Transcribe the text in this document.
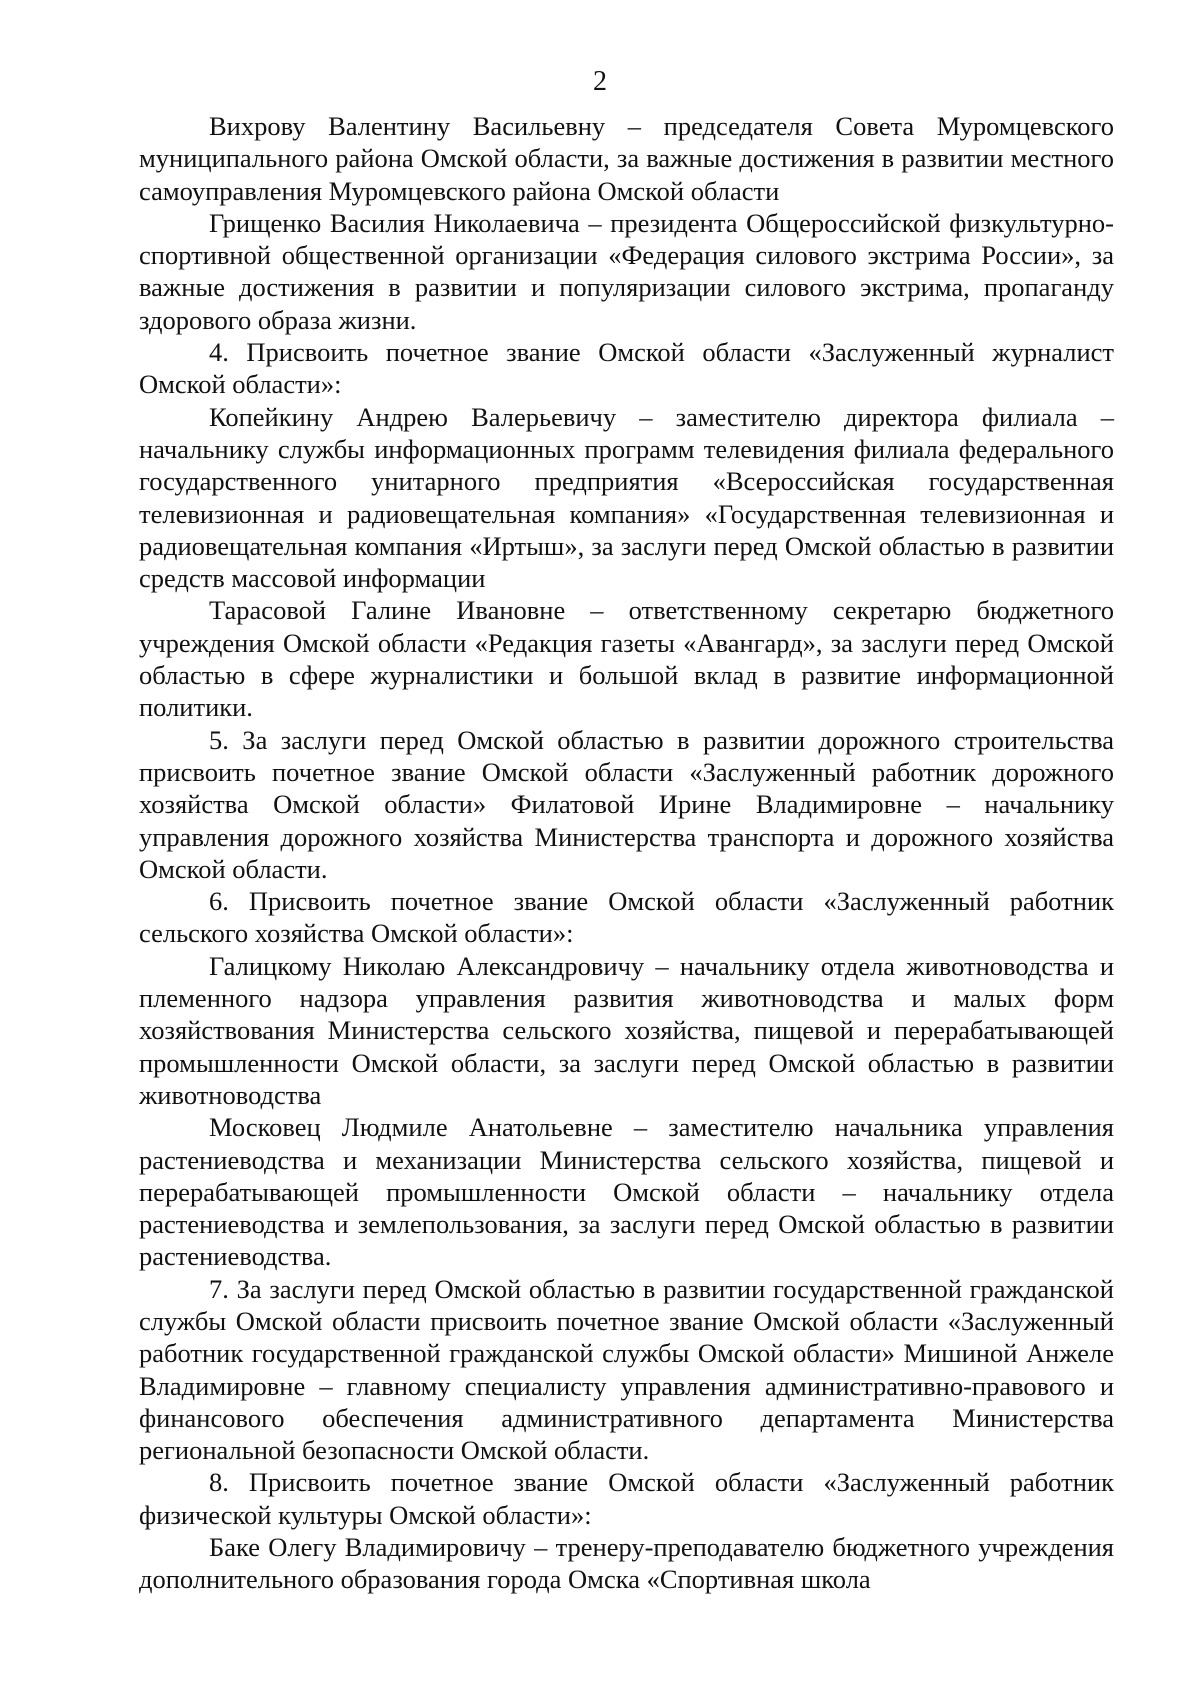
2

Вихрову Валентину Васильевну – председателя Совета Муромцевского муниципального района Омской области, за важные достижения в развитии местного самоуправления Муромцевского района Омской области

Грищенко Василия Николаевича – президента Общероссийской физкультурно-спортивной общественной организации «Федерация силового экстрима России», за важные достижения в развитии и популяризации силового экстрима, пропаганду здорового образа жизни.

4. Присвоить почетное звание Омской области «Заслуженный журналист Омской области»:

Копейкину Андрею Валерьевичу – заместителю директора филиала – начальнику службы информационных программ телевидения филиала федерального государственного унитарного предприятия «Всероссийская государственная телевизионная и радиовещательная компания» «Государственная телевизионная и радиовещательная компания «Иртыш», за заслуги перед Омской областью в развитии средств массовой информации

Тарасовой Галине Ивановне – ответственному секретарю бюджетного учреждения Омской области «Редакция газеты «Авангард», за заслуги перед Омской областью в сфере журналистики и большой вклад в развитие информационной политики.

5. За заслуги перед Омской областью в развитии дорожного строительства присвоить почетное звание Омской области «Заслуженный работник дорожного хозяйства Омской области» Филатовой Ирине Владимировне – начальнику управления дорожного хозяйства Министерства транспорта и дорожного хозяйства Омской области.

6. Присвоить почетное звание Омской области «Заслуженный работник сельского хозяйства Омской области»:

Галицкому Николаю Александровичу – начальнику отдела животноводства и племенного надзора управления развития животноводства и малых форм хозяйствования Министерства сельского хозяйства, пищевой и перерабатывающей промышленности Омской области, за заслуги перед Омской областью в развитии животноводства

Московец Людмиле Анатольевне – заместителю начальника управления растениеводства и механизации Министерства сельского хозяйства, пищевой и перерабатывающей промышленности Омской области – начальнику отдела растениеводства и землепользования, за заслуги перед Омской областью в развитии растениеводства.

7. За заслуги перед Омской областью в развитии государственной гражданской службы Омской области присвоить почетное звание Омской области «Заслуженный работник государственной гражданской службы Омской области» Мишиной Анжеле Владимировне – главному специалисту управления административно-правового и финансового обеспечения административного департамента Министерства региональной безопасности Омской области.

8. Присвоить почетное звание Омской области «Заслуженный работник физической культуры Омской области»:

Баке Олегу Владимировичу – тренеру-преподавателю бюджетного учреждения дополнительного образования города Омска «Спортивная школа
